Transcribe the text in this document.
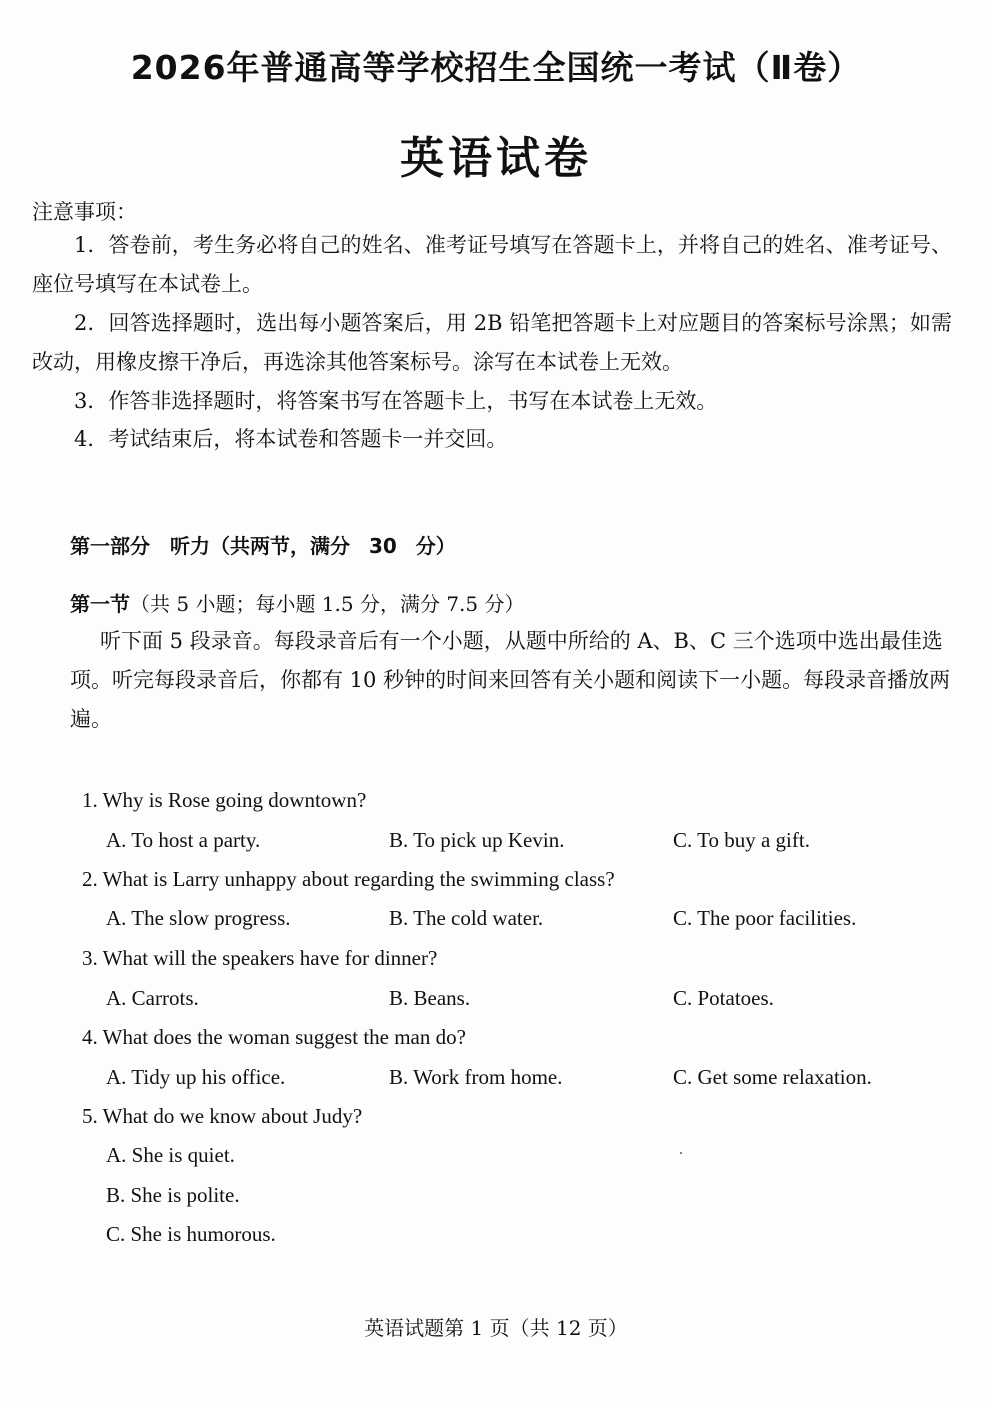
2026年普通高等学校招生全国统一考试（Ⅱ卷）
英语试卷
注意事项：
1．答卷前，考生务必将自己的姓名、准考证号填写在答题卡上，并将自己的姓名、准考证号、座位号填写在本试卷上。
2．回答选择题时，选出每小题答案后，用 2B 铅笔把答题卡上对应题目的答案标号涂黑；如需改动，用橡皮擦干净后，再选涂其他答案标号。涂写在本试卷上无效。
3．作答非选择题时，将答案书写在答题卡上，书写在本试卷上无效。
4．考试结束后，将本试卷和答题卡一并交回。
第一部分　听力（共两节，满分 30 分）
第一节（共 5 小题；每小题 1.5 分，满分 7.5 分）
听下面 5 段录音。每段录音后有一个小题，从题中所给的 A、B、C 三个选项中选出最佳选项。听完每段录音后，你都有 10 秒钟的时间来回答有关小题和阅读下一小题。每段录音播放两遍。
1. Why is Rose going downtown?
A. To host a party.	B. To pick up Kevin.	C. To buy a gift.
2. What is Larry unhappy about regarding the swimming class?
A. The slow progress.	B. The cold water.	C. The poor facilities.
3. What will the speakers have for dinner?
A. Carrots.	B. Beans.	C. Potatoes.
4. What does the woman suggest the man do?
A. Tidy up his office.	B. Work from home.	C. Get some relaxation.
5. What do we know about Judy?
A. She is quiet.
B. She is polite.
C. She is humorous.
英语试题第 1 页（共 12 页）
